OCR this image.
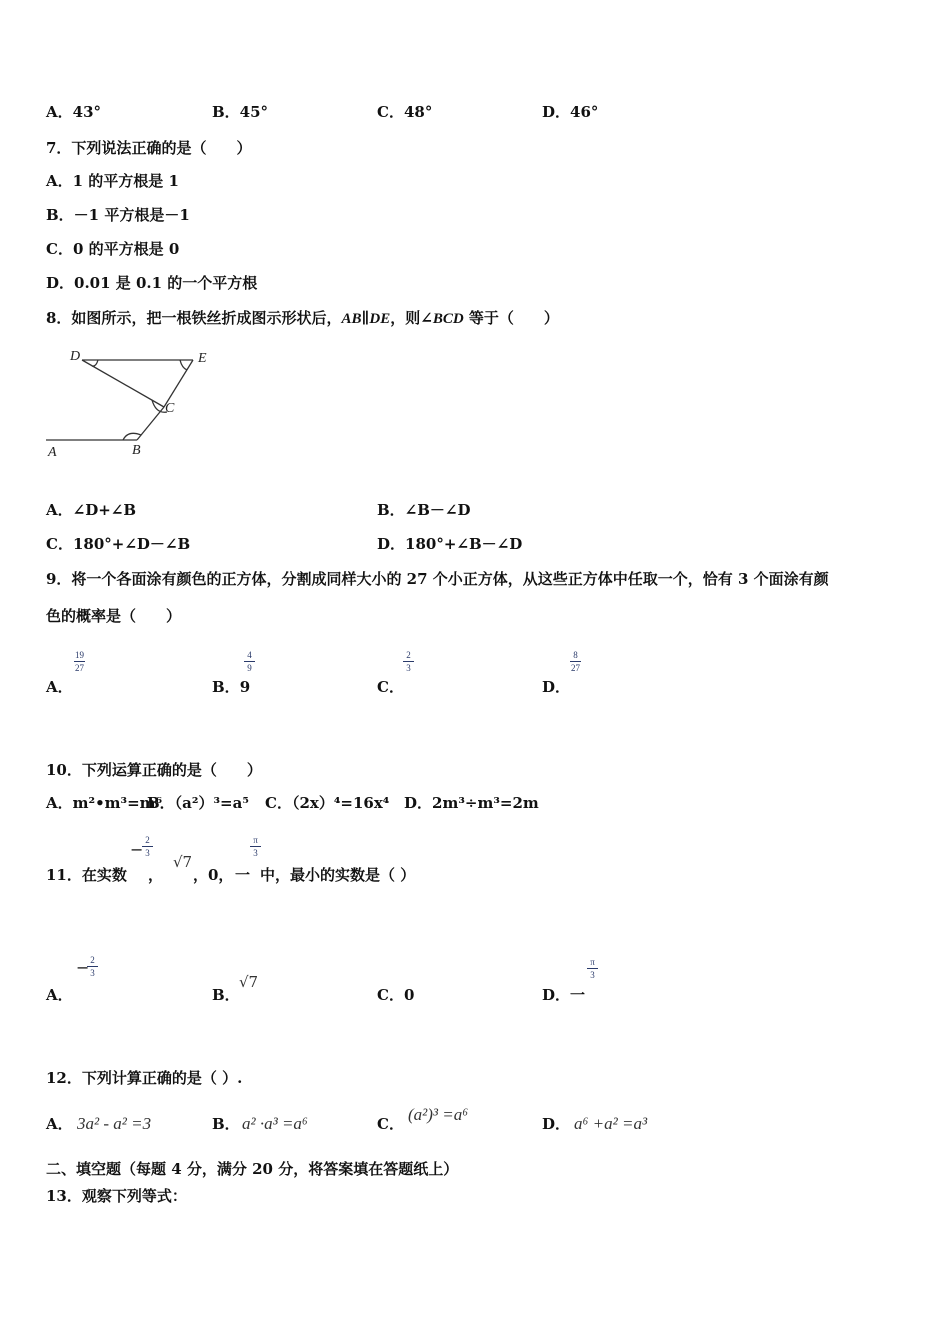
A．43°	B．45°	C．48°	D．46°
7．下列说法正确的是（　　）
A．1 的平方根是 1
B．－1 平方根是－1
C．0 的平方根是 0
D．0.01 是 0.1 的一个平方根
8．如图所示，把一根铁丝折成图示形状后，AB∥DE，则∠BCD 等于（　　）
D	E
C
A	B
A．∠D+∠B	B．∠B－∠D
C．180°+∠D－∠B	D．180°+∠B－∠D
9．将一个各面涂有颜色的正方体，分割成同样大小的 27 个小正方体，从这些正方体中任取一个，恰有 3 个面涂有颜
色的概率是（　　）
A．
19
27
B．9
4
9
C．
2
3
D．
8
27
10．下列运算正确的是（　　）
A．m²•m³=m⁶
B．（a²）³=a⁵ C．（2x）⁴=16x⁴ D．2m³÷m³=2m
11．在实数
− 2
3
，
√7
，0， 一
π
3
中，最小的实数是（ ）
A．
− 2
3
B．
√7
C．0	D．一
π
3
12．下列计算正确的是（ ）.
A． 3a² - a² =3	B． a² ·a³ =a⁶	C． (a²)³ =a⁶	D． a⁶ +a² =a³
二、填空题（每题 4 分，满分 20 分，将答案填在答题纸上）
13．观察下列等式：
